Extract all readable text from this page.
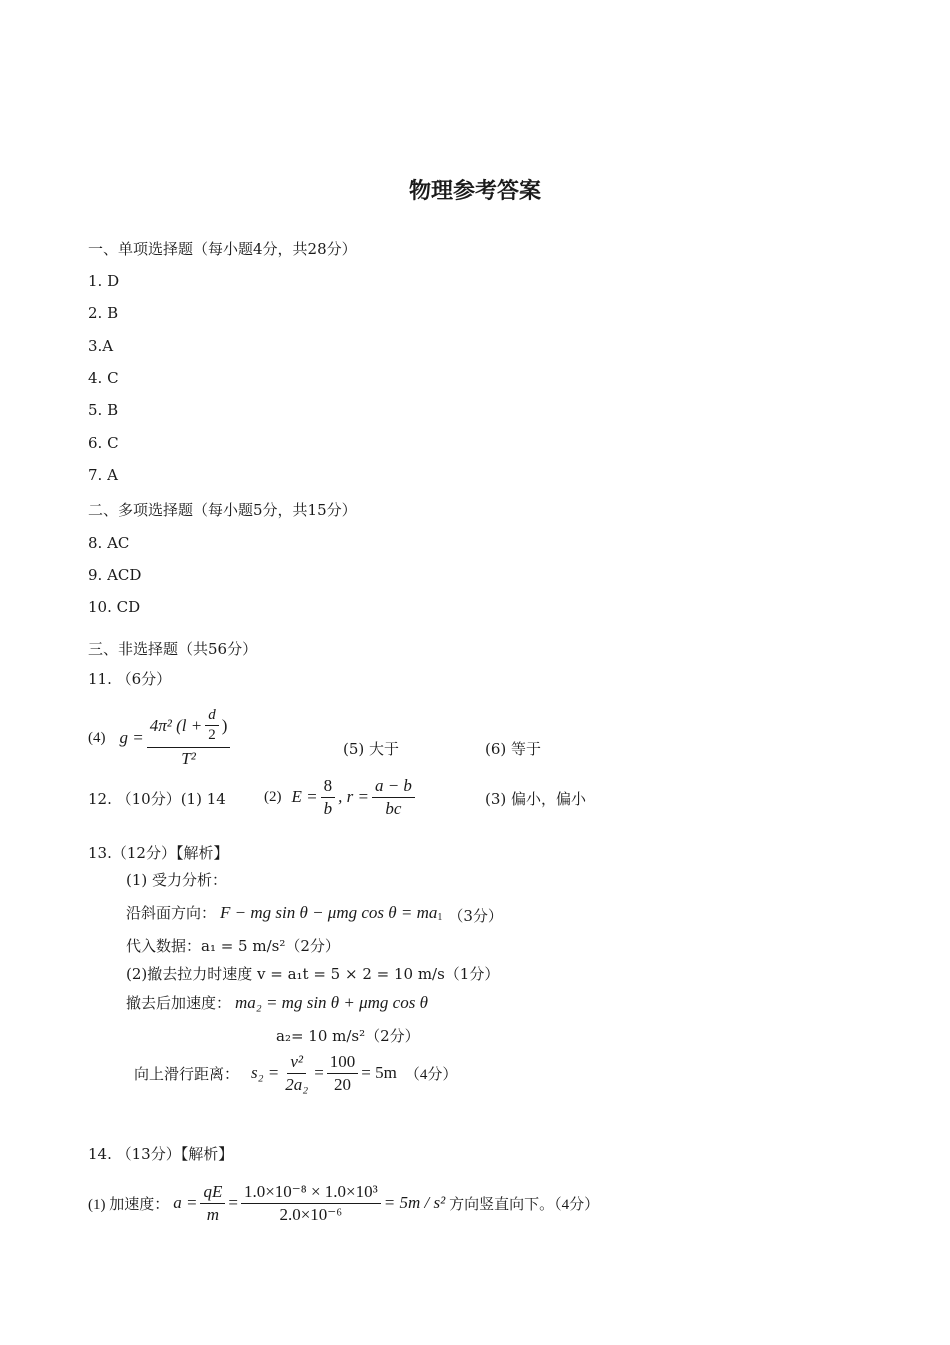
物理参考答案
一、单项选择题（每小题4分，共28分）
1. D
2. B
3.A
4. C
5. B
6. C
7. A
二、多项选择题（每小题5分，共15分）
8. AC
9. ACD
10. CD
三、非选择题（共56分）
11. （6分）
(4) $g = \frac{4\pi^2 (l + \frac{d}{2} )}{\text{T²}}$	(5) 大于	(6) 等于
12. （10分）(1) 14	(2) $E = \frac{8}{b}$ , $r = \frac{a - b}{bc}$	(3) 偏小，偏小
13.（12分）【解析】
(1) 受力分析：
沿斜面方向： F − mg sin θ − μmg $\cos \theta = ma_1$ （3分）
代入数据：a₁ = 5 m/s²（2分）
(2)撤去拉力时速度 v = a₁t = 5 × 2 = 10 m/s（1分）
撤去后加速度： ma₂ = mg sin θ + μmg cos θ
a₂= 10 m/s²（2分）
向上滑行距离： $s_2 = \frac{\text{v²}}{\text{2a₂}} = \frac{100}{20} = 5m$ （4分）
14. （13分）【解析】
(1) 加速度： $a = \frac{qE}{m} = \frac{\text{1.0×10⁻⁸ × 1.0×10³}}{\text{2.0×10⁻⁶}} = 5m / s^2$ 方向竖直向下。（4分）
